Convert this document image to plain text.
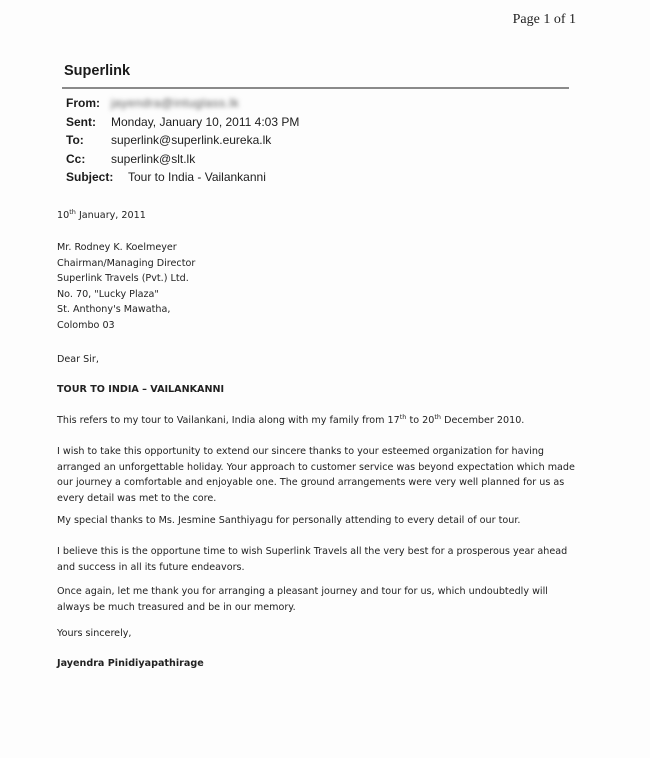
Page 1 of 1
Superlink
From: jayendra@intuglass.lk
Sent:	Monday, January 10, 2011 4:03 PM
To:	superlink@superlink.eureka.lk
Cc:	superlink@slt.lk
Subject:	Tour to India - Vailankanni
10th January, 2011

Mr. Rodney K. Koelmeyer

Chairman/Managing Director

Superlink Travels (Pvt.) Ltd.

No. 70, "Lucky Plaza"

St. Anthony's Mawatha,

Colombo 03

Dear Sir,
TOUR TO INDIA – VAILANKANNI
This refers to my tour to Vailankani, India along with my family from 17th to 20th December 2010.
I wish to take this opportunity to extend our sincere thanks to your esteemed organization for having arranged an unforgettable holiday. Your approach to customer service was beyond expectation which made our journey a comfortable and enjoyable one. The ground arrangements were very well planned for us as every detail was met to the core.
My special thanks to Ms. Jesmine Santhiyagu for personally attending to every detail of our tour.
I believe this is the opportune time to wish Superlink Travels all the very best for a prosperous year ahead and success in all its future endeavors.
Once again, let me thank you for arranging a pleasant journey and tour for us, which undoubtedly will always be much treasured and be in our memory.
Yours sincerely,
Jayendra Pinidiyapathirage
